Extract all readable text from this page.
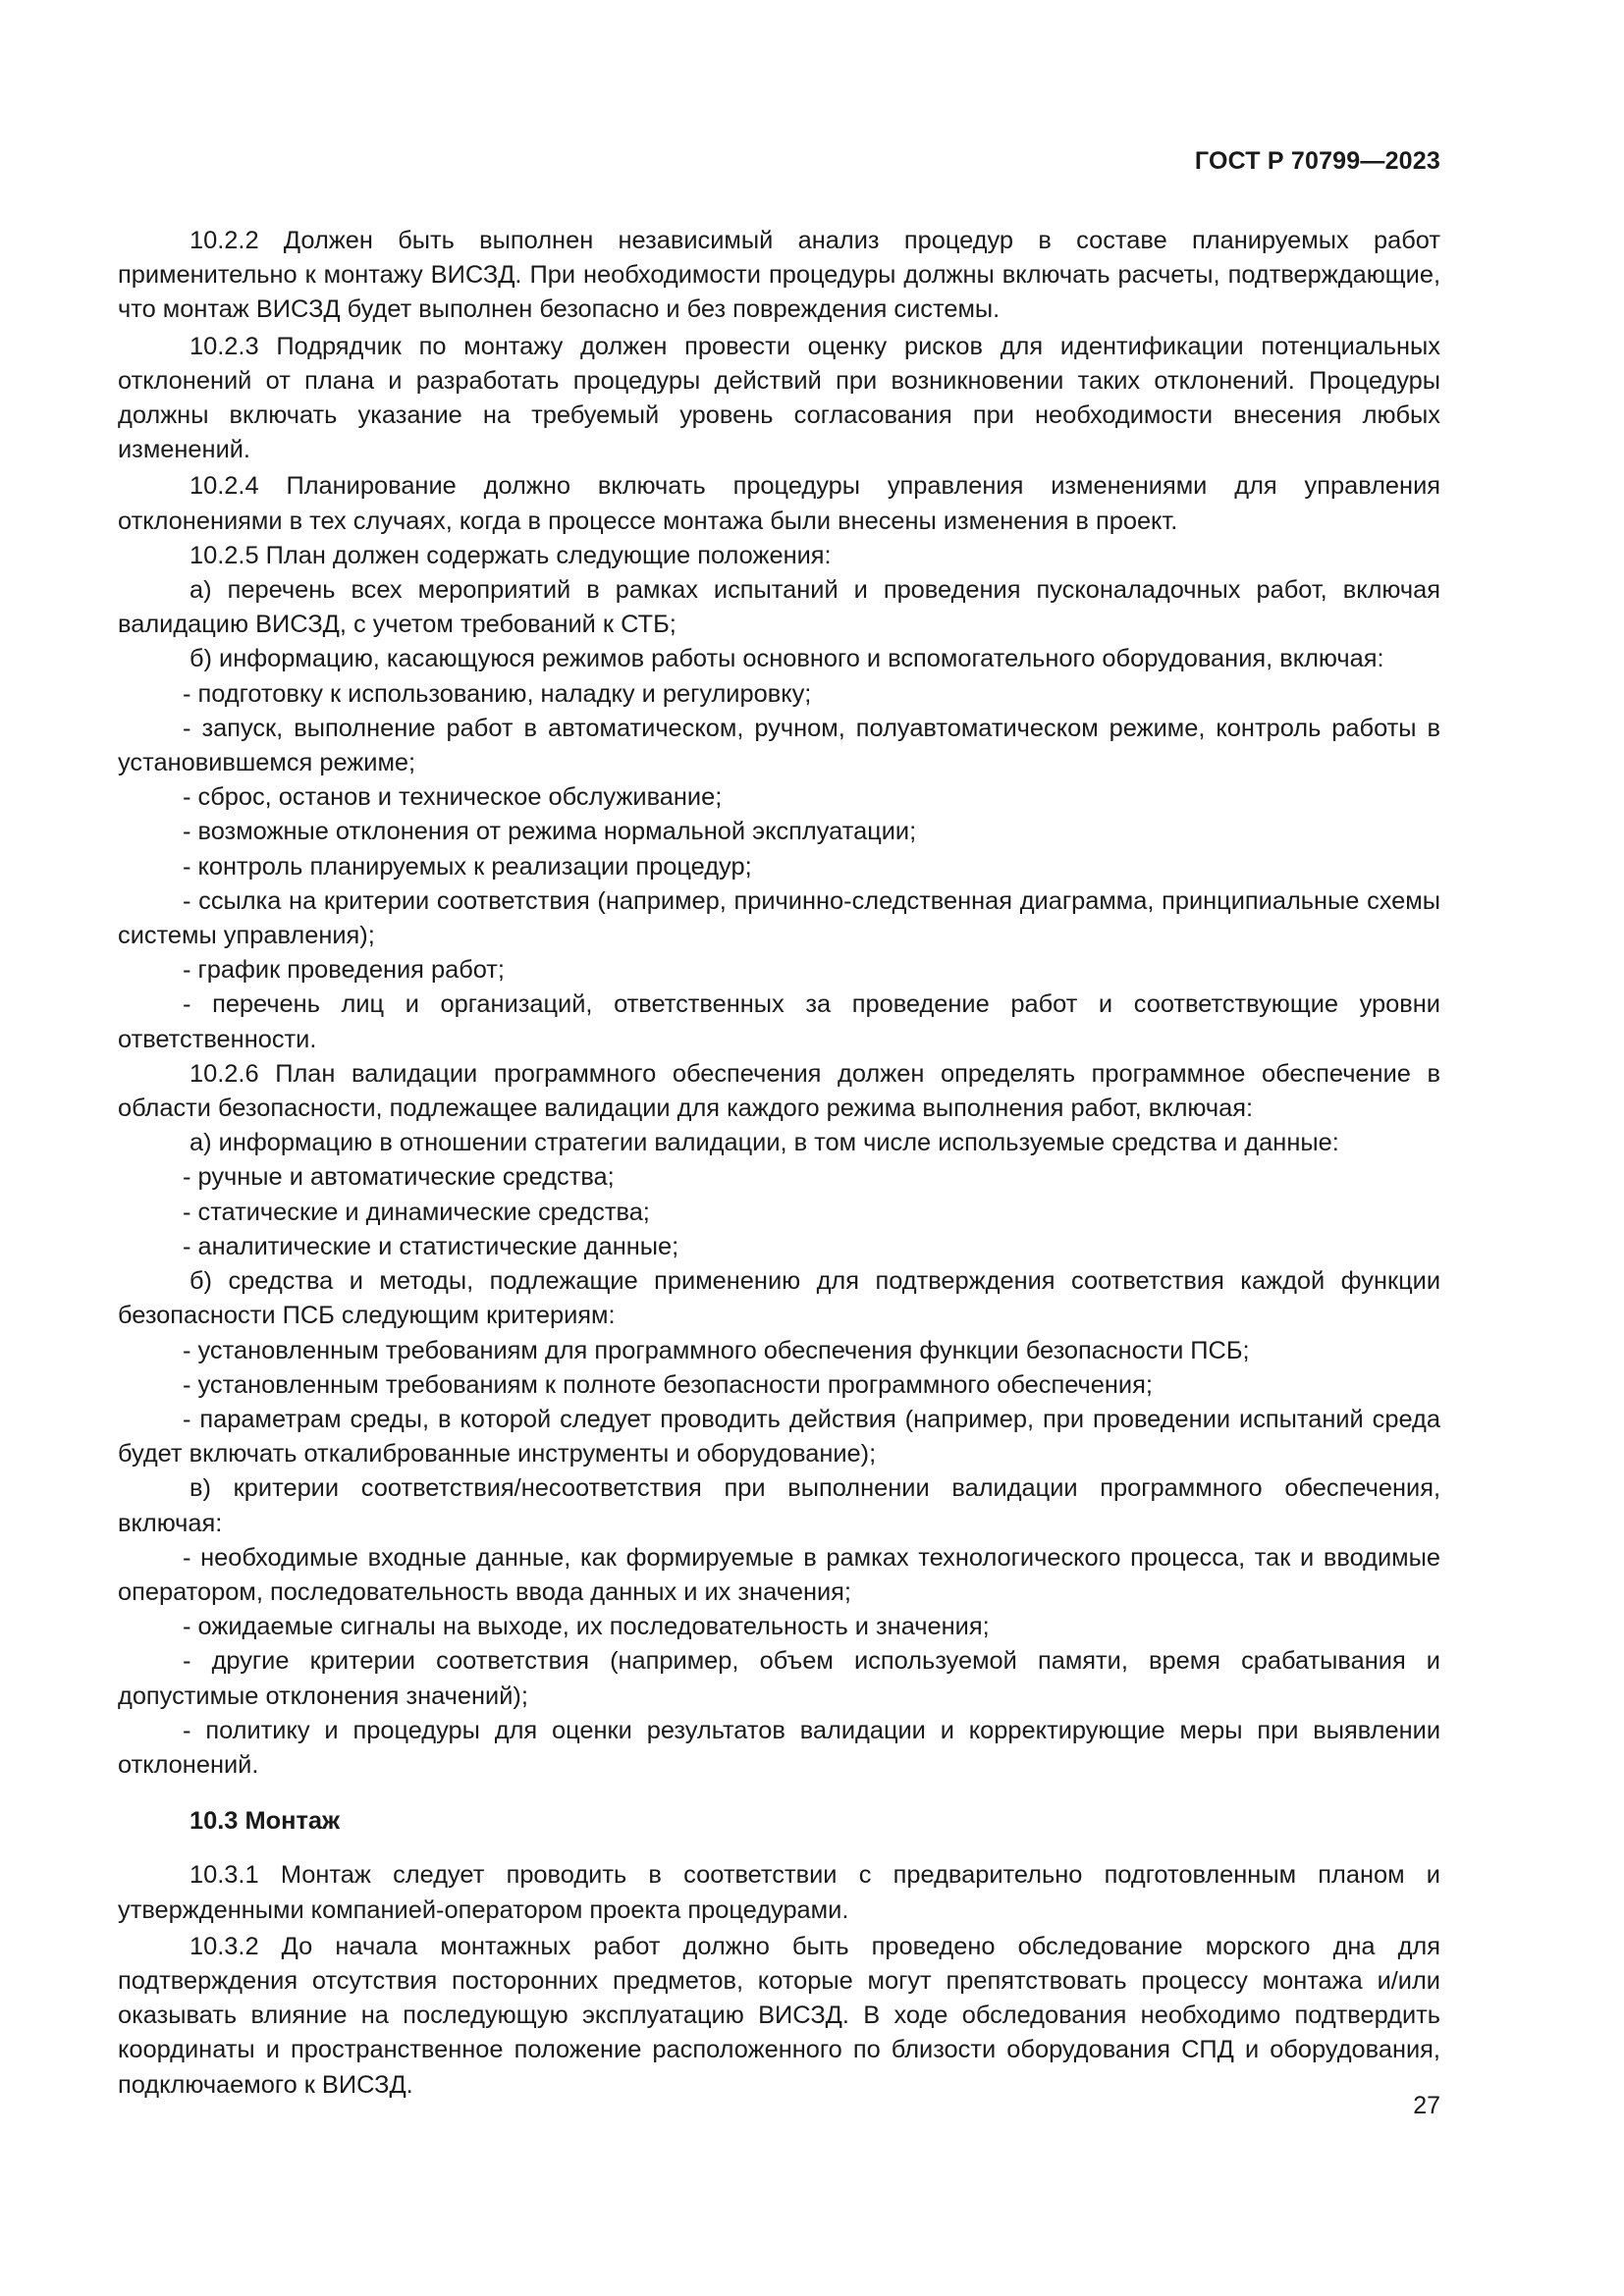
ГОСТ Р 70799—2023

10.2.2 Должен быть выполнен независимый анализ процедур в составе планируемых работ применительно к монтажу ВИСЗД. При необходимости процедуры должны включать расчеты, подтверждающие, что монтаж ВИСЗД будет выполнен безопасно и без повреждения системы.

10.2.3 Подрядчик по монтажу должен провести оценку рисков для идентификации потенциальных отклонений от плана и разработать процедуры действий при возникновении таких отклонений. Процедуры должны включать указание на требуемый уровень согласования при необходимости внесения любых изменений.

10.2.4 Планирование должно включать процедуры управления изменениями для управления отклонениями в тех случаях, когда в процессе монтажа были внесены изменения в проект.

10.2.5 План должен содержать следующие положения:

а) перечень всех мероприятий в рамках испытаний и проведения пусконаладочных работ, включая валидацию ВИСЗД, с учетом требований к СТБ;

б) информацию, касающуюся режимов работы основного и вспомогательного оборудования, включая:

- подготовку к использованию, наладку и регулировку;

- запуск, выполнение работ в автоматическом, ручном, полуавтоматическом режиме, контроль работы в установившемся режиме;

- сброс, останов и техническое обслуживание;

- возможные отклонения от режима нормальной эксплуатации;

- контроль планируемых к реализации процедур;

- ссылка на критерии соответствия (например, причинно-следственная диаграмма, принципиальные схемы системы управления);

- график проведения работ;

- перечень лиц и организаций, ответственных за проведение работ и соответствующие уровни ответственности.

10.2.6 План валидации программного обеспечения должен определять программное обеспечение в области безопасности, подлежащее валидации для каждого режима выполнения работ, включая:

а) информацию в отношении стратегии валидации, в том числе используемые средства и данные:

- ручные и автоматические средства;

- статические и динамические средства;

- аналитические и статистические данные;

б) средства и методы, подлежащие применению для подтверждения соответствия каждой функции безопасности ПСБ следующим критериям:

- установленным требованиям для программного обеспечения функции безопасности ПСБ;

- установленным требованиям к полноте безопасности программного обеспечения;

- параметрам среды, в которой следует проводить действия (например, при проведении испытаний среда будет включать откалиброванные инструменты и оборудование);

в) критерии соответствия/несоответствия при выполнении валидации программного обеспечения, включая:

- необходимые входные данные, как формируемые в рамках технологического процесса, так и вводимые оператором, последовательность ввода данных и их значения;

- ожидаемые сигналы на выходе, их последовательность и значения;

- другие критерии соответствия (например, объем используемой памяти, время срабатывания и допустимые отклонения значений);

- политику и процедуры для оценки результатов валидации и корректирующие меры при выявлении отклонений.

10.3 Монтаж

10.3.1 Монтаж следует проводить в соответствии с предварительно подготовленным планом и утвержденными компанией-оператором проекта процедурами.

10.3.2 До начала монтажных работ должно быть проведено обследование морского дна для подтверждения отсутствия посторонних предметов, которые могут препятствовать процессу монтажа и/или оказывать влияние на последующую эксплуатацию ВИСЗД. В ходе обследования необходимо подтвердить координаты и пространственное положение расположенного по близости оборудования СПД и оборудования, подключаемого к ВИСЗД.

27
